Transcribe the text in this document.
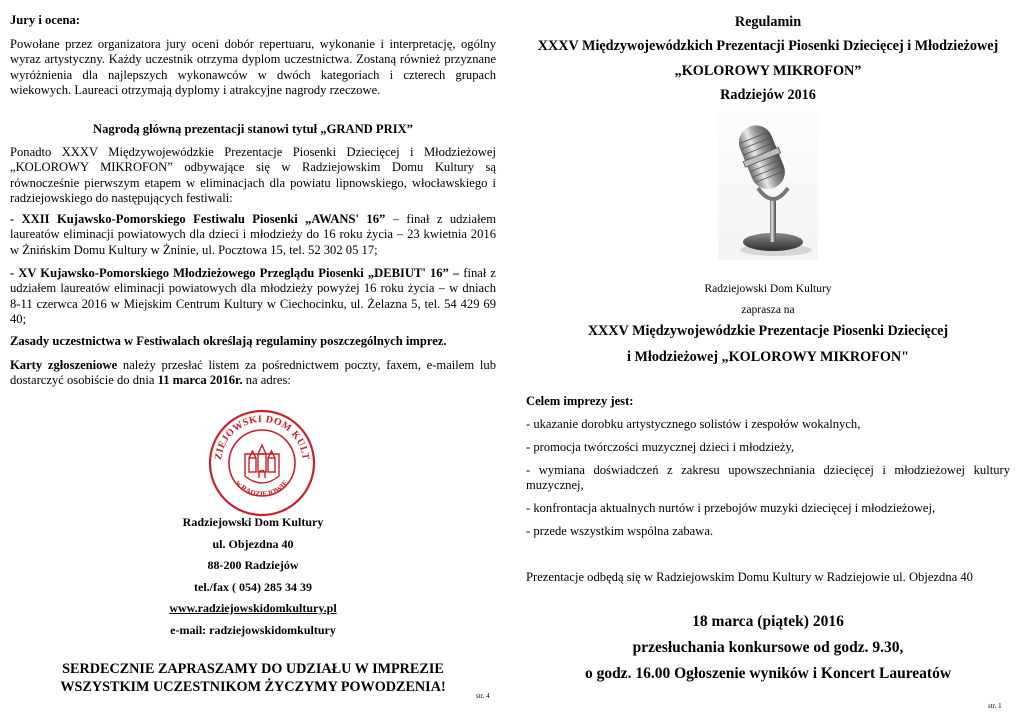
Jury i ocena:

Powołane przez organizatora jury oceni dobór repertuaru, wykonanie i interpretację, ogólny wyraz artystyczny. Każdy uczestnik otrzyma dyplom uczestnictwa. Zostaną również przyznane wyróżnienia dla najlepszych wykonawców w dwóch kategoriach i czterech grupach wiekowych. Laureaci otrzymają dyplomy i atrakcyjne nagrody rzeczowe.

Nagrodą główną prezentacji stanowi tytuł „GRAND PRIX”

Ponadto XXXV Międzywojewódzkie Prezentacje Piosenki Dziecięcej i Młodzieżowej „KOLOROWY MIKROFON” odbywające się w Radziejowskim Domu Kultury są równocześnie pierwszym etapem w eliminacjach dla powiatu lipnowskiego, włocławskiego i radziejowskiego do następujących festiwali:

- XXII Kujawsko-Pomorskiego Festiwalu Piosenki „AWANS' 16” – finał z udziałem laureatów eliminacji powiatowych dla dzieci i młodzieży do 16 roku życia – 23 kwietnia 2016 w Żnińskim Domu Kultury w Żninie, ul. Pocztowa 15, tel. 52 302 05 17;

- XV Kujawsko-Pomorskiego Młodzieżowego Przeglądu Piosenki „DEBIUT' 16” – finał z udziałem laureatów eliminacji powiatowych dla młodzieży powyżej 16 roku życia – w dniach 8-11 czerwca 2016 w Miejskim Centrum Kultury w Ciechocinku, ul. Żelazna 5, tel. 54 429 69 40;

Zasady uczestnictwa w Festiwalach określają regulaminy poszczególnych imprez.

Karty zgłoszeniowe należy przesłać listem za pośrednictwem poczty, faxem, e-mailem lub dostarczyć osobiście do dnia 11 marca 2016r. na adres:

ZIEJOWSKI DOM KULT
w RADZIEJOWIE

Radziejowski Dom Kultury

ul. Objezdna 40

88-200 Radziejów

tel./fax ( 054) 285 34 39

www.radziejowskidomkultury.pl

e-mail: radziejowskidomkultury

SERDECZNIE ZAPRASZAMY DO UDZIAŁU W IMPREZIE

WSZYSTKIM UCZESTNIKOM ŻYCZYMY POWODZENIA!

str. 4

Regulamin

XXXV Międzywojewódzkich Prezentacji Piosenki Dziecięcej i Młodzieżowej

„KOLOROWY MIKROFON”

Radziejów 2016

Radziejowski Dom Kultury

zaprasza na

XXXV Międzywojewódzkie Prezentacje Piosenki Dziecięcej

i Młodzieżowej „KOLOROWY MIKROFON"

Celem imprezy jest:

- ukazanie dorobku artystycznego solistów i zespołów wokalnych,

- promocja twórczości muzycznej dzieci i młodzieży,

- wymiana doświadczeń z zakresu upowszechniania dziecięcej i młodzieżowej kultury muzycznej,

- konfrontacja aktualnych nurtów i przebojów muzyki dziecięcej i młodzieżowej,

- przede wszystkim wspólna zabawa.

Prezentacje odbędą się w Radziejowskim Domu Kultury w Radziejowie ul. Objezdna 40

18 marca (piątek) 2016

przesłuchania konkursowe od godz. 9.30,

o godz. 16.00 Ogłoszenie wyników i Koncert Laureatów

str. 1
